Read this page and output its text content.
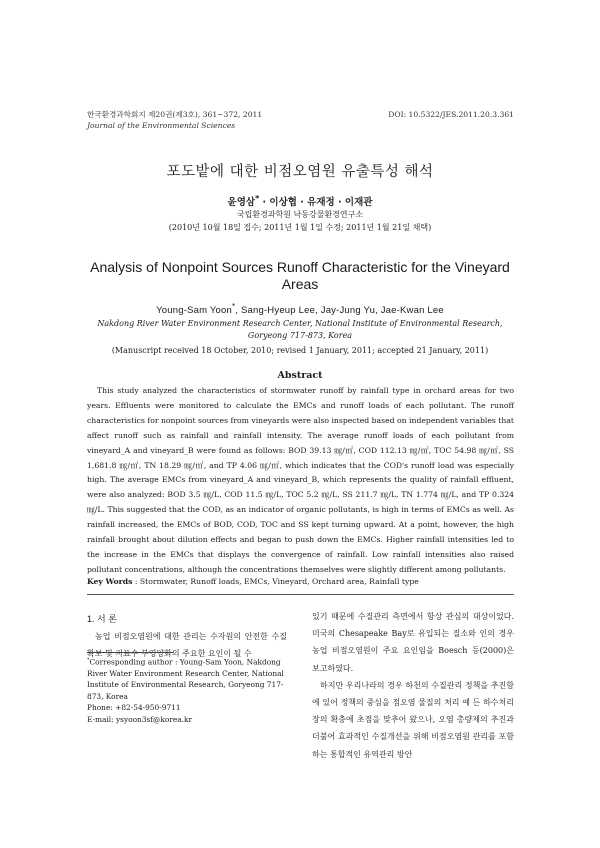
한국환경과학회지 제20권(제3호), 361∼372, 2011
Journal of the Environmental Sciences
DOI: 10.5322/JES.2011.20.3.361
포도밭에 대한 비점오염원 유출특성 해석
윤영삼* · 이상협 · 유재정 · 이재관
국립환경과학원 낙동강물환경연구소
(2010년 10월 18일 접수; 2011년 1월 1일 수정; 2011년 1월 21일 채택)
Analysis of Nonpoint Sources Runoff Characteristic for the Vineyard Areas
Young-Sam Yoon*, Sang-Hyeup Lee, Jay-Jung Yu, Jae-Kwan Lee
Nakdong River Water Environment Research Center, National Institute of Environmental Research, Goryeong 717-873, Korea
(Manuscript received 18 October, 2010; revised 1 January, 2011; accepted 21 January, 2011)
Abstract

This study analyzed the characteristics of stormwater runoff by rainfall type in orchard areas for two years. Effluents were monitored to calculate the EMCs and runoff loads of each pollutant. The runoff characteristics for nonpoint sources from vineyards were also inspected based on independent variables that affect runoff such as rainfall and rainfall intensity. The average runoff loads of each pollutant from vineyard_A and vineyard_B were found as follows: BOD 39.13 ㎎/㎡, COD 112.13 ㎎/㎡, TOC 54.98 ㎎/㎡, SS 1,681.8 ㎎/㎡, TN 18.29 ㎎/㎡, and TP 4.06 ㎎/㎡, which indicates that the COD's runoff load was especially high. The average EMCs from vineyard_A and vineyard_B, which represents the quality of rainfall effluent, were also analyzed: BOD 3.5 ㎎/L, COD 11.5 ㎎/L, TOC 5.2 ㎎/L, SS 211.7 ㎎/L, TN 1.774 ㎎/L, and TP 0.324 ㎎/L. This suggested that the COD, as an indicator of organic pollutants, is high in terms of EMCs as well. As rainfall increased, the EMCs of BOD, COD, TOC and SS kept turning upward. At a point, however, the high rainfall brought about dilution effects and began to push down the EMCs. Higher rainfall intensities led to the increase in the EMCs that displays the convergence of rainfall. Low rainfall intensities also raised pollutant concentrations, although the concentrations themselves were slightly different among pollutants.

Key Words : Stormwater, Runoff loads, EMCs, Vineyard, Orchard area, Rainfall type
1. 서 론

농업 비점오염원에 대한 관리는 수자원의 안전한 수질확보 및 지표수 부영양화의 주요한 요인이 될 수

*Corresponding author : Young-Sam Yoon, Nakdong River Water Environment Research Center, National Institute of Environmental Research, Goryeong 717-873, Korea
Phone: +82-54-950-9711
E-mail: ysyoon3sf@korea.kr

있기 때문에 수질관리 측면에서 항상 관심의 대상이었다. 미국의 Chesapeake Bay로 유입되는 질소와 인의 경우 농업 비점오염원이 주요 요인임을 Boesch 등(2000)은 보고하였다.

하지만 우리나라의 경우 하천의 수질관리 정책을 추진함에 있어 정책의 중심을 점오염 물질의 처리 예 든 하수처리장의 확충에 초점을 맞추어 왔으나, 오염 총량제의 추진과 더불어 효과적인 수질개선을 위해 비점오염원 관리를 포함하는 통합적인 유역관리 방안
